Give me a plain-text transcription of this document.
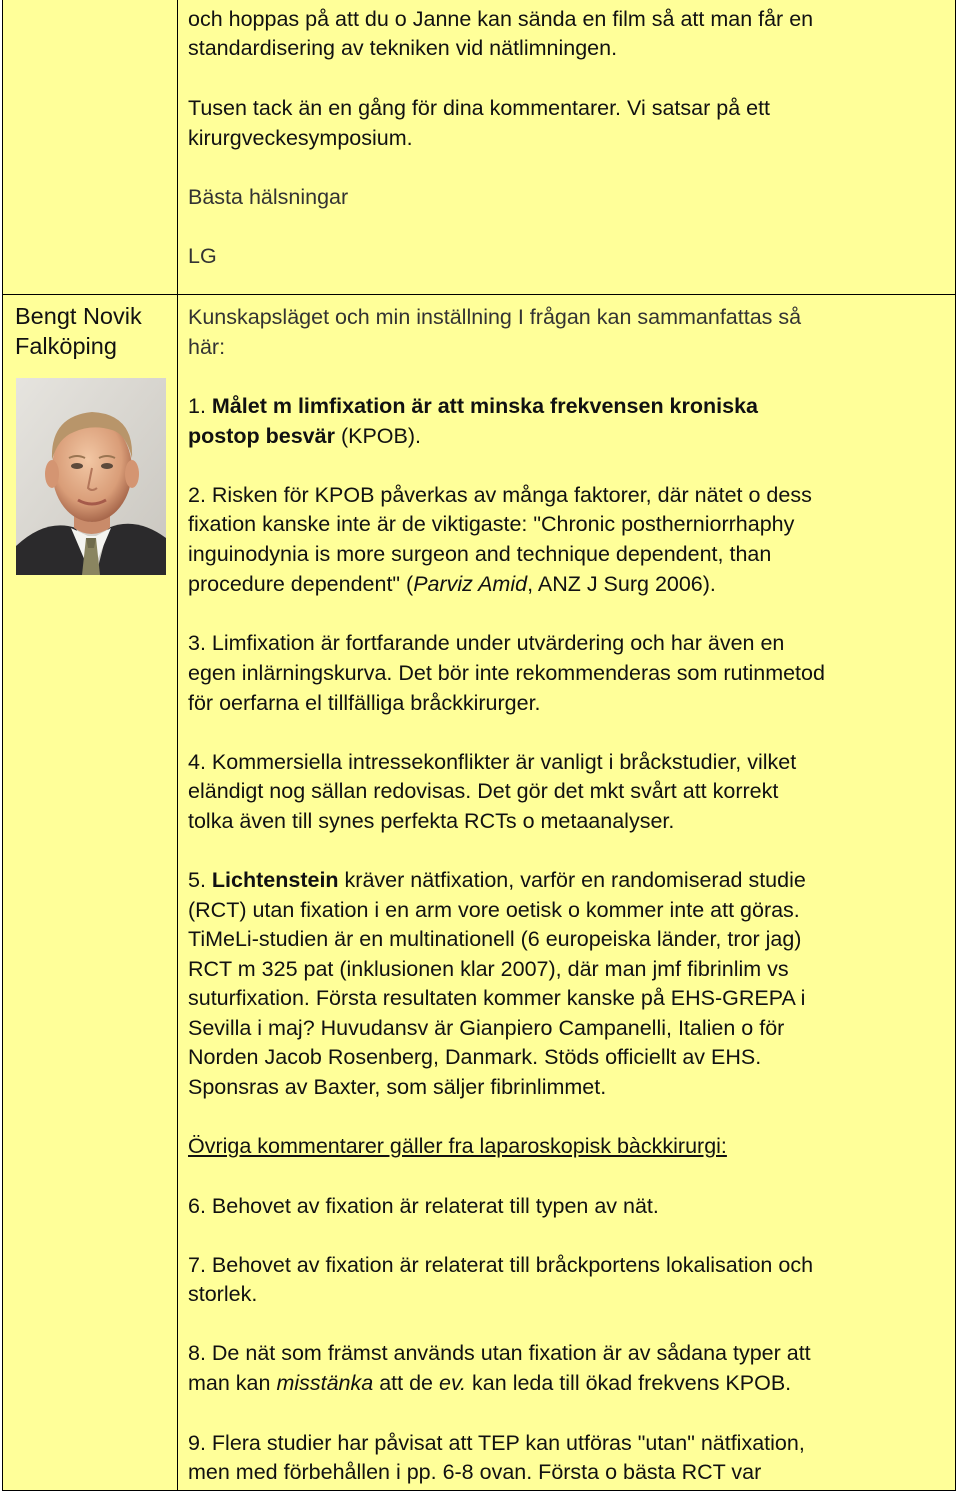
Bengt Novik
Falköping

och hoppas på att du o Janne kan sända en film så att man får en

standardisering av tekniken vid nätlimningen.

Tusen tack än en gång för dina kommentarer. Vi satsar på ett

kirurgveckesymposium.

Bästa hälsningar

LG

Kunskapsläget och min inställning I frågan kan sammanfattas så

här:

1. Målet m limfixation är att minska frekvensen kroniska

postop besvär (KPOB).

2. Risken för KPOB påverkas av många faktorer, där nätet o dess

fixation kanske inte är de viktigaste: "Chronic postherniorrhaphy

inguinodynia is more surgeon and technique dependent, than

procedure dependent" (Parviz Amid, ANZ J Surg 2006).

3. Limfixation är fortfarande under utvärdering och har även en

egen inlärningskurva. Det bör inte rekommenderas som rutinmetod

för oerfarna el tillfälliga bråckkirurger.

4. Kommersiella intressekonflikter är vanligt i bråckstudier, vilket

eländigt nog sällan redovisas. Det gör det mkt svårt att korrekt

tolka även till synes perfekta RCTs o metaanalyser.

5. Lichtenstein kräver nätfixation, varför en randomiserad studie

(RCT) utan fixation i en arm vore oetisk o kommer inte att göras.

TiMeLi-studien är en multinationell (6 europeiska länder, tror jag)

RCT m 325 pat (inklusionen klar 2007), där man jmf fibrinlim vs

suturfixation. Första resultaten kommer kanske på EHS-GREPA i

Sevilla i maj? Huvudansv är Gianpiero Campanelli, Italien o för

Norden Jacob Rosenberg, Danmark. Stöds officiellt av EHS.

Sponsras av Baxter, som säljer fibrinlimmet.

Övriga kommentarer gäller fra laparoskopisk bàckkirurgi:

6. Behovet av fixation är relaterat till typen av nät.

7. Behovet av fixation är relaterat till bråckportens lokalisation och

storlek.

8. De nät som främst används utan fixation är av sådana typer att

man kan misstänka att de ev. kan leda till ökad frekvens KPOB.

9. Flera studier har påvisat att TEP kan utföras "utan" nätfixation,

men med förbehållen i pp. 6-8 ovan. Första o bästa RCT var
